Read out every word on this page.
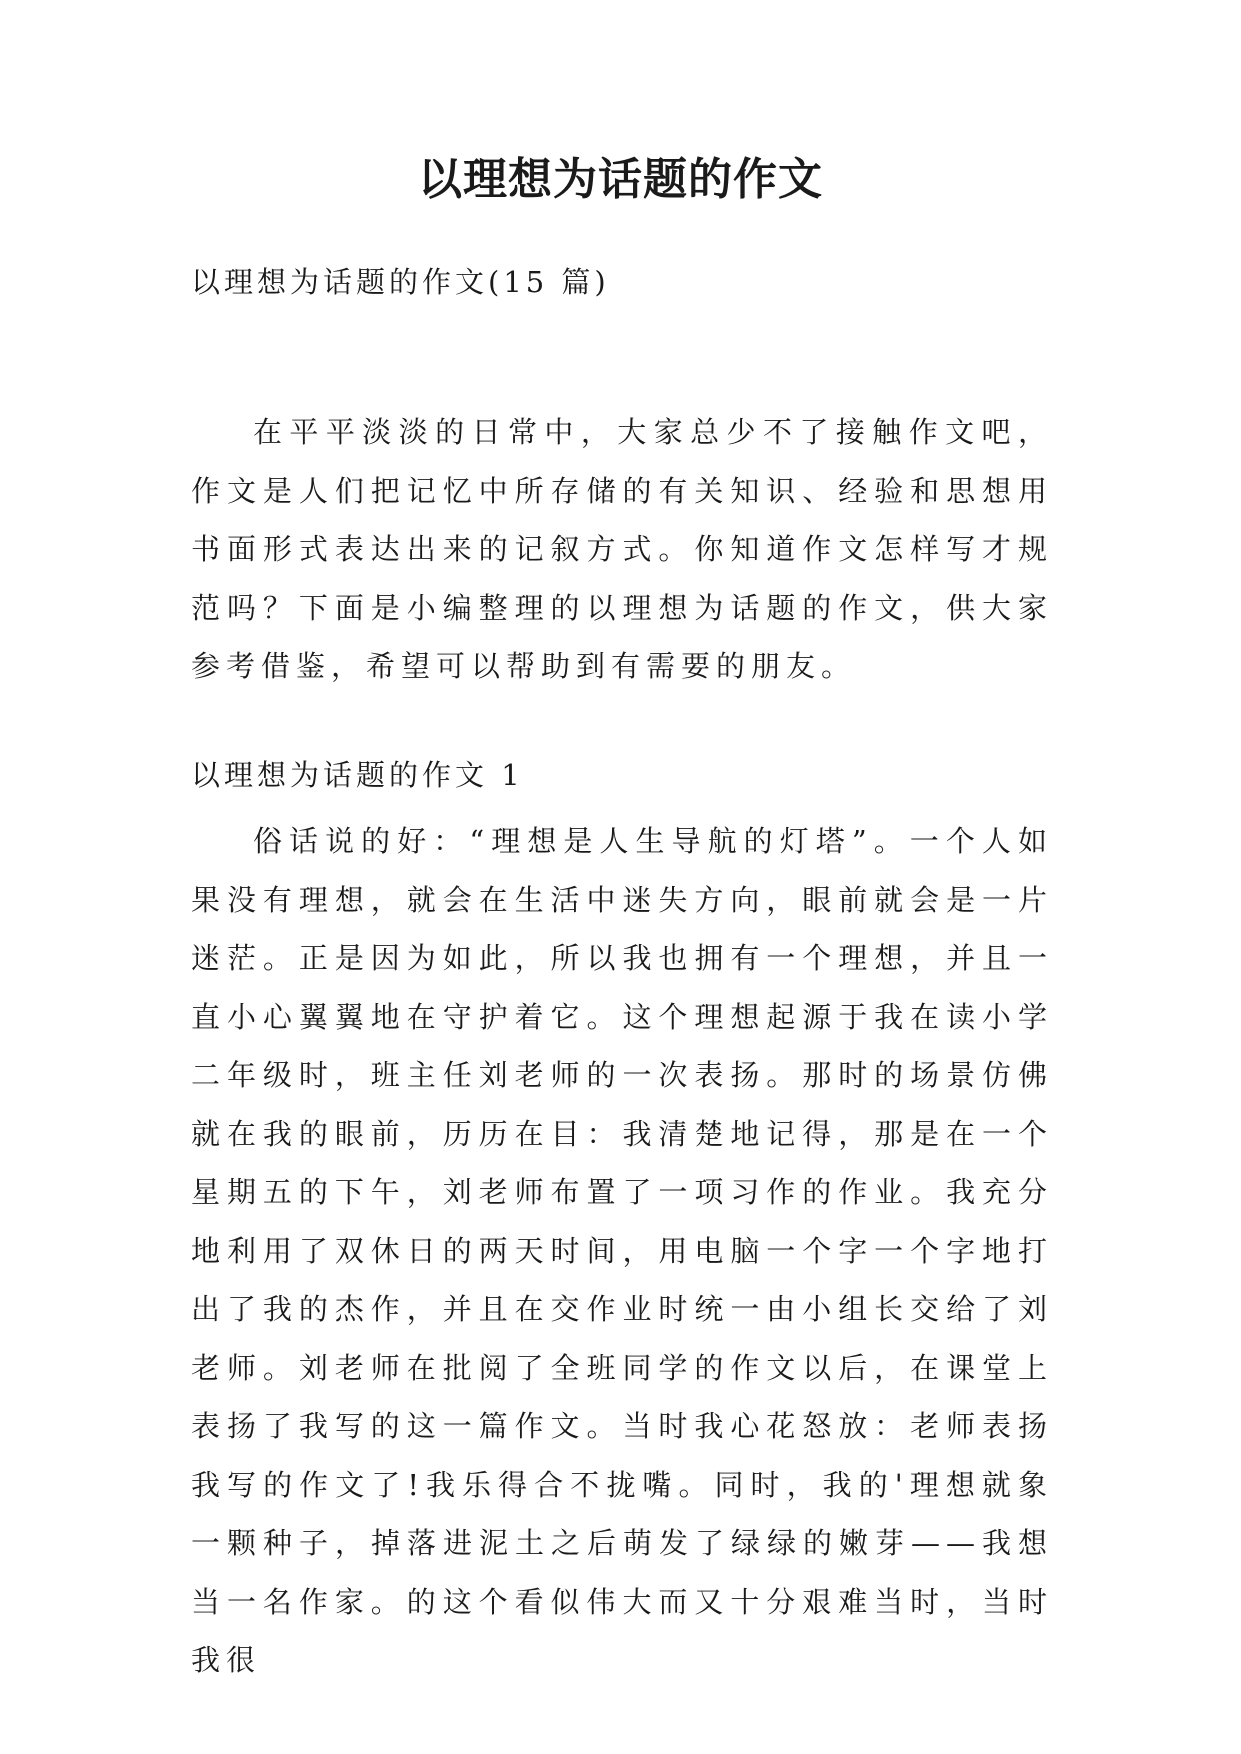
以理想为话题的作文
以理想为话题的作文(15 篇)

在平平淡淡的日常中，大家总少不了接触作文吧，作文是人们把记忆中所存储的有关知识、经验和思想用书面形式表达出来的记叙方式。你知道作文怎样写才规范吗？下面是小编整理的以理想为话题的作文，供大家参考借鉴，希望可以帮助到有需要的朋友。

以理想为话题的作文 1

俗话说的好：“理想是人生导航的灯塔”。一个人如果没有理想，就会在生活中迷失方向，眼前就会是一片迷茫。正是因为如此，所以我也拥有一个理想，并且一直小心翼翼地在守护着它。这个理想起源于我在读小学二年级时，班主任刘老师的一次表扬。那时的场景仿佛就在我的眼前，历历在目：我清楚地记得，那是在一个星期五的下午，刘老师布置了一项习作的作业。我充分地利用了双休日的两天时间，用电脑一个字一个字地打出了我的杰作，并且在交作业时统一由小组长交给了刘老师。刘老师在批阅了全班同学的作文以后，在课堂上表扬了我写的这一篇作文。当时我心花怒放：老师表扬我写的作文了!我乐得合不拢嘴。同时，我的'理想就象一颗种子，掉落进泥土之后萌发了绿绿的嫩芽——我想当一名作家。的这个看似伟大而又十分艰难当时，当时我很
